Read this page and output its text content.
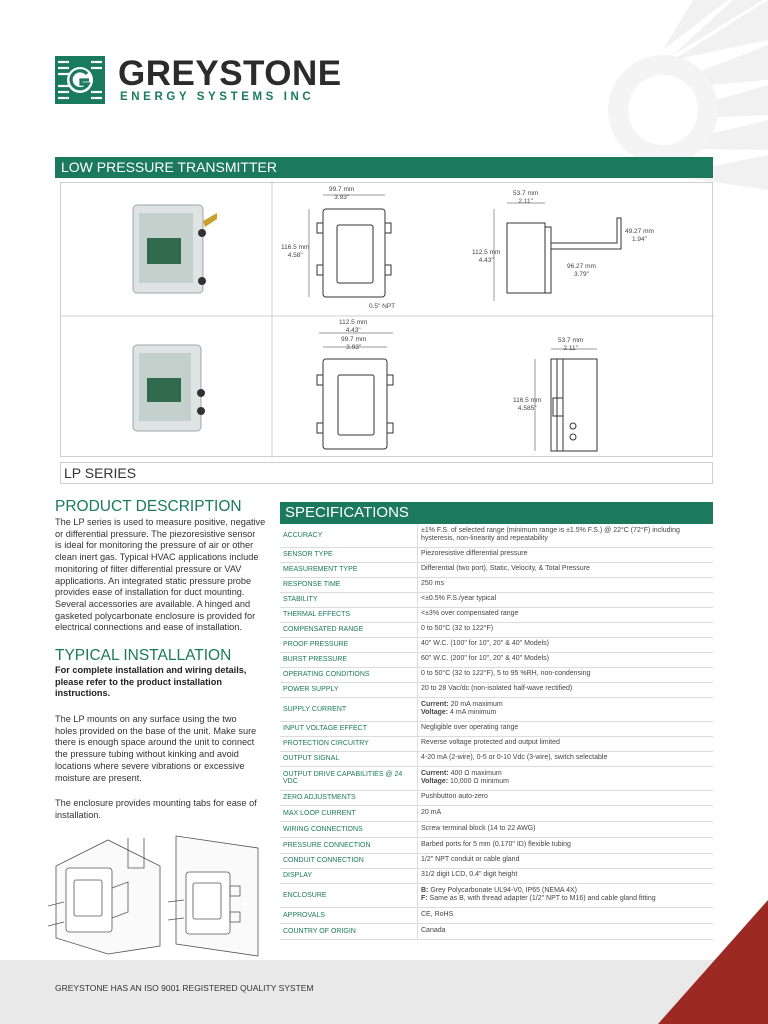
GREYSTONE
ENERGY SYSTEMS INC
LOW PRESSURE TRANSMITTER
99.7 mm
3.93"
116.5 mm
4.58"
0.5" NPT
53.7 mm
2.11"
112.5 mm
4.43"
49.27 mm
1.94"
96.27 mm
3.79"
112.5 mm
4.43"
99.7 mm
3.93"
53.7 mm
2.11"
116.5 mm
4.585"
LP SERIES
PRODUCT DESCRIPTION
The LP series is used to measure positive, negative
or differential pressure. The piezoresistive sensor
is ideal for monitoring the pressure of air or other
clean inert gas. Typical HVAC applications include
monitoring of filter differential pressure or VAV
applications. An integrated static pressure probe
provides ease of installation for duct mounting.
Several accessories are available. A hinged and
gasketed polycarbonate enclosure is provided for
electrical connections and ease of installation.
TYPICAL INSTALLATION
For complete installation and wiring details,
please refer to the product installation
instructions.
The LP mounts on any surface using the two
holes provided on the base of the unit. Make sure
there is enough space around the unit to connect
the pressure tubing without kinking and avoid
locations where severe vibrations or excessive
moisture are present.
The enclosure provides mounting tabs for ease of
installation.
SPECIFICATIONS
ACCURACY	±1% F.S. of selected range (minimum range is ±1.5% F.S.) @ 22°C (72°F) including hysteresis, non-linearity and repeatability
SENSOR TYPE	Piezoresistive differential pressure
MEASUREMENT TYPE	Differential (two port), Static, Velocity, & Total Pressure
RESPONSE TIME	250 ms
STABILITY	<±0.5% F.S./year typical
THERMAL EFFECTS	<±3% over compensated range
COMPENSATED RANGE	0 to 50°C (32 to 122°F)
PROOF PRESSURE	40" W.C. (100" for 10", 20" & 40" Models)
BURST PRESSURE	60" W.C. (200" for 10", 20" & 40" Models)
OPERATING CONDITIONS	0 to 50°C (32 to 122°F), 5 to 95 %RH, non-condensing
POWER SUPPLY	20 to 28 Vac/dc (non-isolated half-wave rectified)
SUPPLY CURRENT	Current: 20 mA maximum
Voltage: 4 mA minimum
INPUT VOLTAGE EFFECT	Negligible over operating range
PROTECTION CIRCUITRY	Reverse voltage protected and output limited
OUTPUT SIGNAL	4-20 mA (2-wire), 0-5 or 0-10 Vdc (3-wire), switch selectable
OUTPUT DRIVE CAPABILITIES @ 24 VDC	Current: 400 Ω maximum
Voltage: 10,000 Ω minimum
ZERO ADJUSTMENTS	Pushbutton auto-zero
MAX LOOP CURRENT	20 mA
WIRING CONNECTIONS	Screw terminal block (14 to 22 AWG)
PRESSURE CONNECTION	Barbed ports for 5 mm (0.170" ID) flexible tubing
CONDUIT CONNECTION	1/2" NPT conduit or cable gland
DISPLAY	31/2 digit LCD, 0.4" digit height
ENCLOSURE	B: Grey Polycarbonate UL94-V0, IP65 (NEMA 4X)
F: Same as B, with thread adapter (1/2" NPT to M16) and cable gland fitting
APPROVALS	CE, RoHS
COUNTRY OF ORIGIN	Canada
GREYSTONE HAS AN ISO 9001 REGISTERED QUALITY SYSTEM
